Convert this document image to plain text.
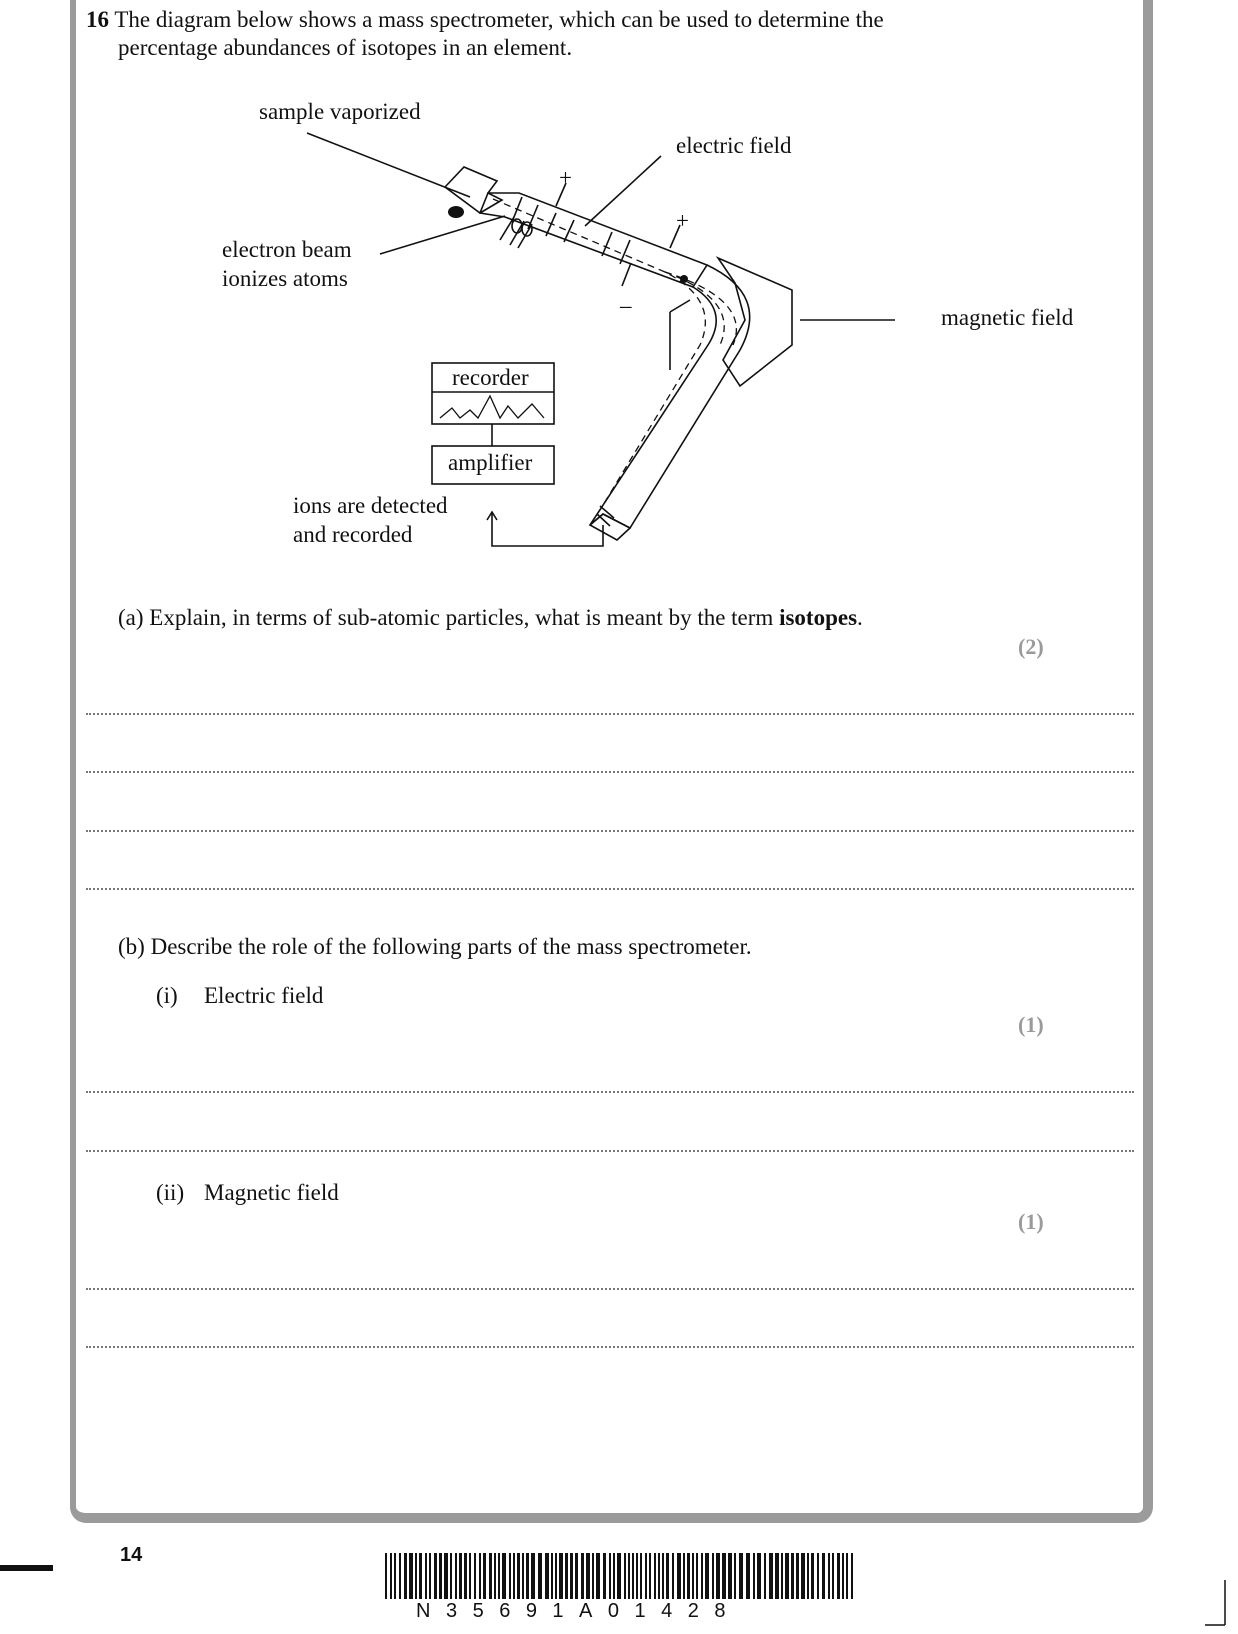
16 The diagram below shows a mass spectrometer, which can be used to determine the
percentage abundances of isotopes in an element.
sample vaporized
electric field
electron beam
ionizes atoms
magnetic field
recorder
amplifier
ions are detected
and recorded
+
+
–
(a) Explain, in terms of sub-atomic particles, what is meant by the term isotopes.
(2)
(b) Describe the role of the following parts of the mass spectrometer.
(i) Electric field
(1)
(ii) Magnetic field
(1)
14
N35691A01428
